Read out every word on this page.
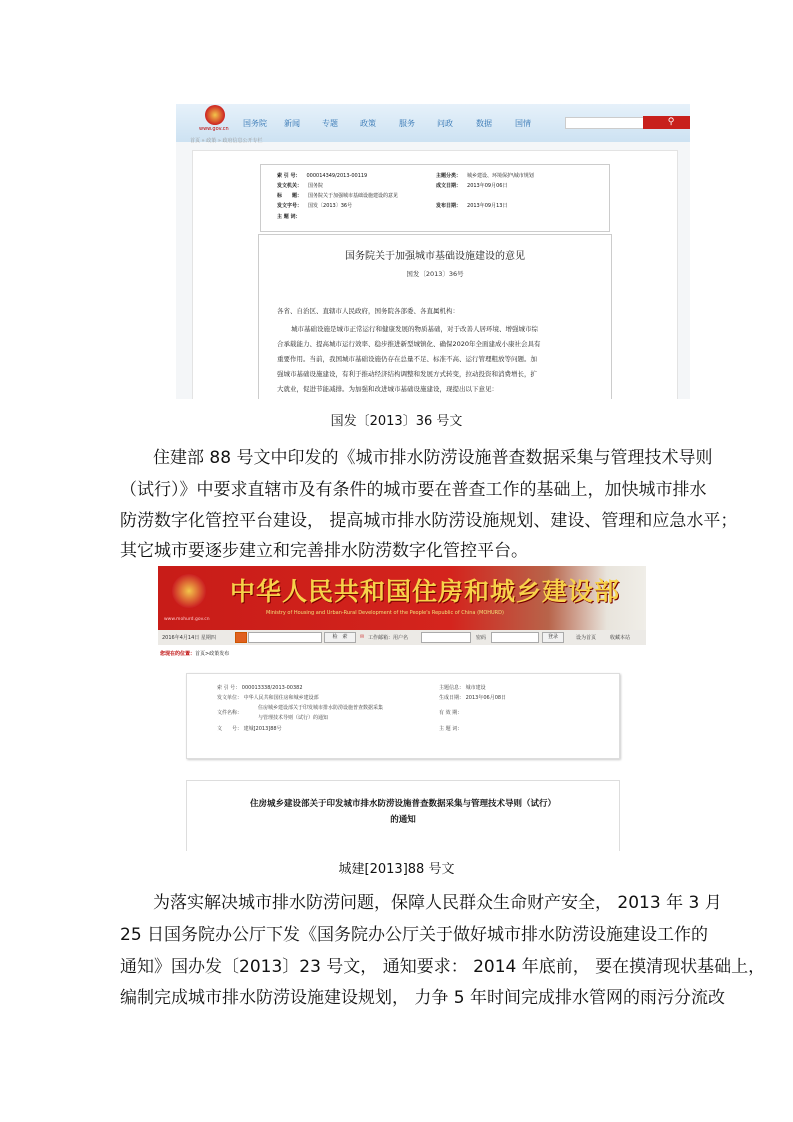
www.gov.cn
国务院 新闻	专题	政策	服务	问政	数据	国情	⚲
首页 » 政策 » 政府信息公开专栏
索 引 号： 000014349/2013-00119	主题分类： 城乡建设、环境保护\城市规划
发文机关： 国务院	成文日期： 2013年09月06日
标　　题： 国务院关于加强城市基础设施建设的意见
发文字号： 国发〔2013〕36号	发布日期： 2013年09月13日
主 题 词：
国务院关于加强城市基础设施建设的意见
国发〔2013〕36号
各省、自治区、直辖市人民政府，国务院各部委、各直属机构：
城市基础设施是城市正常运行和健康发展的物质基础，对于改善人居环境、增强城市综
合承载能力、提高城市运行效率、稳步推进新型城镇化、确保2020年全面建成小康社会具有
重要作用。当前，我国城市基础设施仍存在总量不足、标准不高、运行管理粗放等问题。加
强城市基础设施建设，有利于推动经济结构调整和发展方式转变，拉动投资和消费增长，扩
大就业，促进节能减排。为加强和改进城市基础设施建设，现提出以下意见：
国发〔2013〕36 号文
住建部 88 号文中印发的《城市排水防涝设施普查数据采集与管理技术导则
（试行）》中要求直辖市及有条件的城市要在普查工作的基础上，加快城市排水
防涝数字化管控平台建设， 提高城市排水防涝设施规划、建设、管理和应急水平；
其它城市要逐步建立和完善排水防涝数字化管控平台。
www.mohurd.gov.cn
中华人民共和国住房和城乡建设部
Ministry of Housing and Urban-Rural Development of the People's Republic of China (MOHURD)
2016年4月14日 星期四	检　索	✉ 工作邮箱：用户名	密码	登录	设为首页	收藏本站
您现在的位置：首页>政策发布
索 引 号： 000013338/2013-00382	主题信息： 城市建设
发文单位： 中华人民共和国住房和城乡建设部	生成日期： 2013年06月08日
文件名称：
住房城乡建设部关于印发城市排水防涝设施普查数据采集
与管理技术导则（试行）的通知
有 效 期：
文　　号： 建城[2013]88号	主 题 词：
住房城乡建设部关于印发城市排水防涝设施普查数据采集与管理技术导则（试行）
的通知
城建[2013]88 号文
为落实解决城市排水防涝问题，保障人民群众生命财产安全， 2013 年 3 月
25 日国务院办公厅下发《国务院办公厅关于做好城市排水防涝设施建设工作的
通知》国办发〔2013〕23 号文， 通知要求： 2014 年底前， 要在摸清现状基础上，
编制完成城市排水防涝设施建设规划， 力争 5 年时间完成排水管网的雨污分流改
